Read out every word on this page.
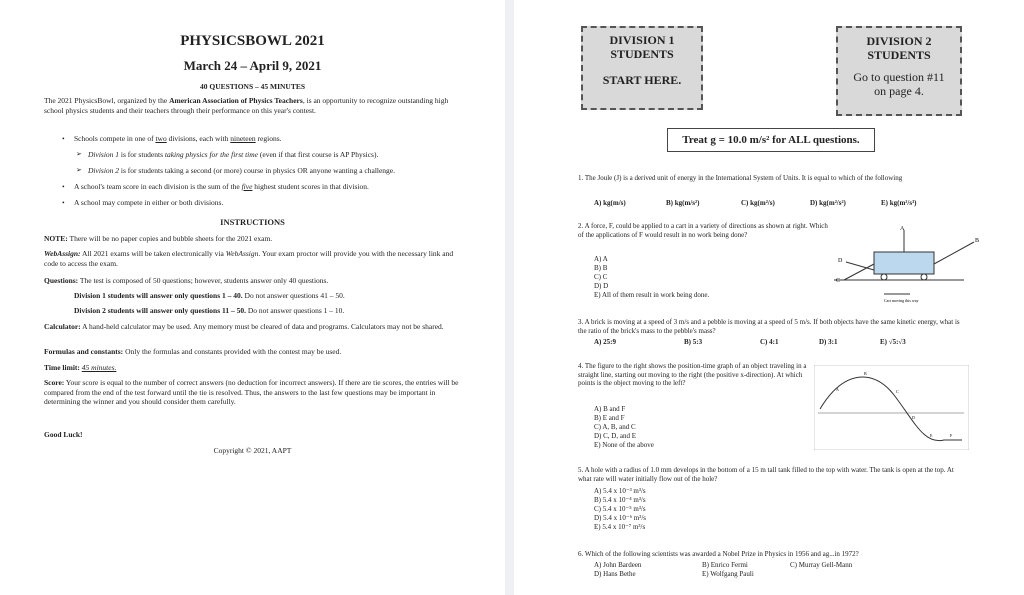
PHYSICSBOWL 2021
March 24 – April 9, 2021
40 QUESTIONS – 45 MINUTES
The 2021 PhysicsBowl, organized by the American Association of Physics Teachers, is an opportunity to recognize outstanding high school physics students and their teachers through their performance on this year's contest.
• Schools compete in one of two divisions, each with nineteen regions.
➢ Division 1 is for students taking physics for the first time (even if that first course is AP Physics).
➢ Division 2 is for students taking a second (or more) course in physics OR anyone wanting a challenge.
• A school's team score in each division is the sum of the five highest student scores in that division.
• A school may compete in either or both divisions.
INSTRUCTIONS
NOTE: There will be no paper copies and bubble sheets for the 2021 exam.
WebAssign: All 2021 exams will be taken electronically via WebAssign. Your exam proctor will provide you with the necessary link and code to access the exam.
Questions: The test is composed of 50 questions; however, students answer only 40 questions.
Division 1 students will answer only questions 1 – 40. Do not answer questions 41 – 50.
Division 2 students will answer only questions 11 – 50. Do not answer questions 1 – 10.
Calculator: A hand-held calculator may be used. Any memory must be cleared of data and programs. Calculators may not be shared.
Formulas and constants: Only the formulas and constants provided with the contest may be used.
Time limit: 45 minutes.
Score: Your score is equal to the number of correct answers (no deduction for incorrect answers). If there are tie scores, the entries will be compared from the end of the test forward until the tie is resolved. Thus, the answers to the last few questions may be important in determining the winner and you should consider them carefully.
Good Luck!
Copyright © 2021, AAPT
DIVISION 1
STUDENTS
START HERE.
DIVISION 2
STUDENTS
Go to question #11
on page 4.
Treat g = 10.0 m/s² for ALL questions.
1. The Joule (J) is a derived unit of energy in the International System of Units. It is equal to which of the following
A) kg(m/s)	B) kg(m/s²)	C) kg(m²/s)	D) kg(m²/s²)	E) kg(m²/s³)
2. A force, F, could be applied to a cart in a variety of directions as shown at right. Which of the applications of F would result in no work being done?
A) A
B) B
C) C
D) D
E) All of them result in work being done.
A
B
C
D
Cart moving this way
3. A brick is moving at a speed of 3 m/s and a pebble is moving at a speed of 5 m/s. If both objects have the same kinetic energy, what is the ratio of the brick's mass to the pebble's mass?
A) 25:9	B) 5:3	C) 4:1	D) 3:1	E) √5:√3
4. The figure to the right shows the position-time graph of an object traveling in a straight line, starting out moving to the right (the positive x-direction). At which points is the object moving to the left?
A) B and F
B) E and F
C) A, B, and C
D) C, D, and E
E) None of the above
A
B
C
D
E	F
5. A hole with a radius of 1.0 mm develops in the bottom of a 15 m tall tank filled to the top with water. The tank is open at the top. At what rate will water initially flow out of the hole?
A) 5.4 x 10⁻³ m³/s
B) 5.4 x 10⁻⁴ m³/s
C) 5.4 x 10⁻⁵ m³/s
D) 5.4 x 10⁻⁶ m³/s
E) 5.4 x 10⁻⁷ m³/s
6. Which of the following scientists was awarded a Nobel Prize in Physics in 1956 and ag...in 1972?
A) John Bardeen	B) Enrico Fermi	C) Murray Gell-Mann
D) Hans Bethe	E) Wolfgang Pauli
